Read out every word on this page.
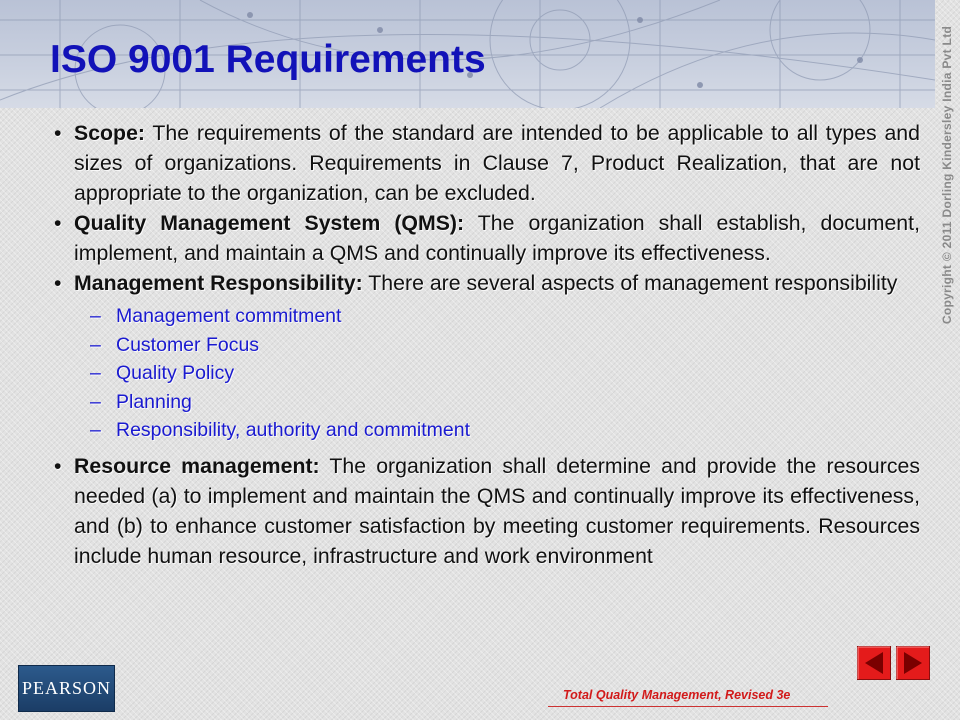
ISO 9001 Requirements	Copyright © 2011 Dorling Kindersley India Pvt Ltd
• Scope: The requirements of the standard are intended to be applicable to all types and sizes of organizations. Requirements in Clause 7, Product Realization, that are not appropriate to the organization, can be excluded.
• Quality Management System (QMS): The organization shall establish, document, implement, and maintain a QMS and continually improve its effectiveness.
• Management Responsibility: There are several aspects of management responsibility
– Management commitment
– Customer Focus
– Quality Policy
– Planning
– Responsibility, authority and commitment
• Resource management: The organization shall determine and provide the resources needed (a) to implement and maintain the QMS and continually improve its effectiveness, and (b) to enhance customer satisfaction by meeting customer requirements. Resources include human resource, infrastructure and work environment
PEARSON	Total Quality Management, Revised 3e
